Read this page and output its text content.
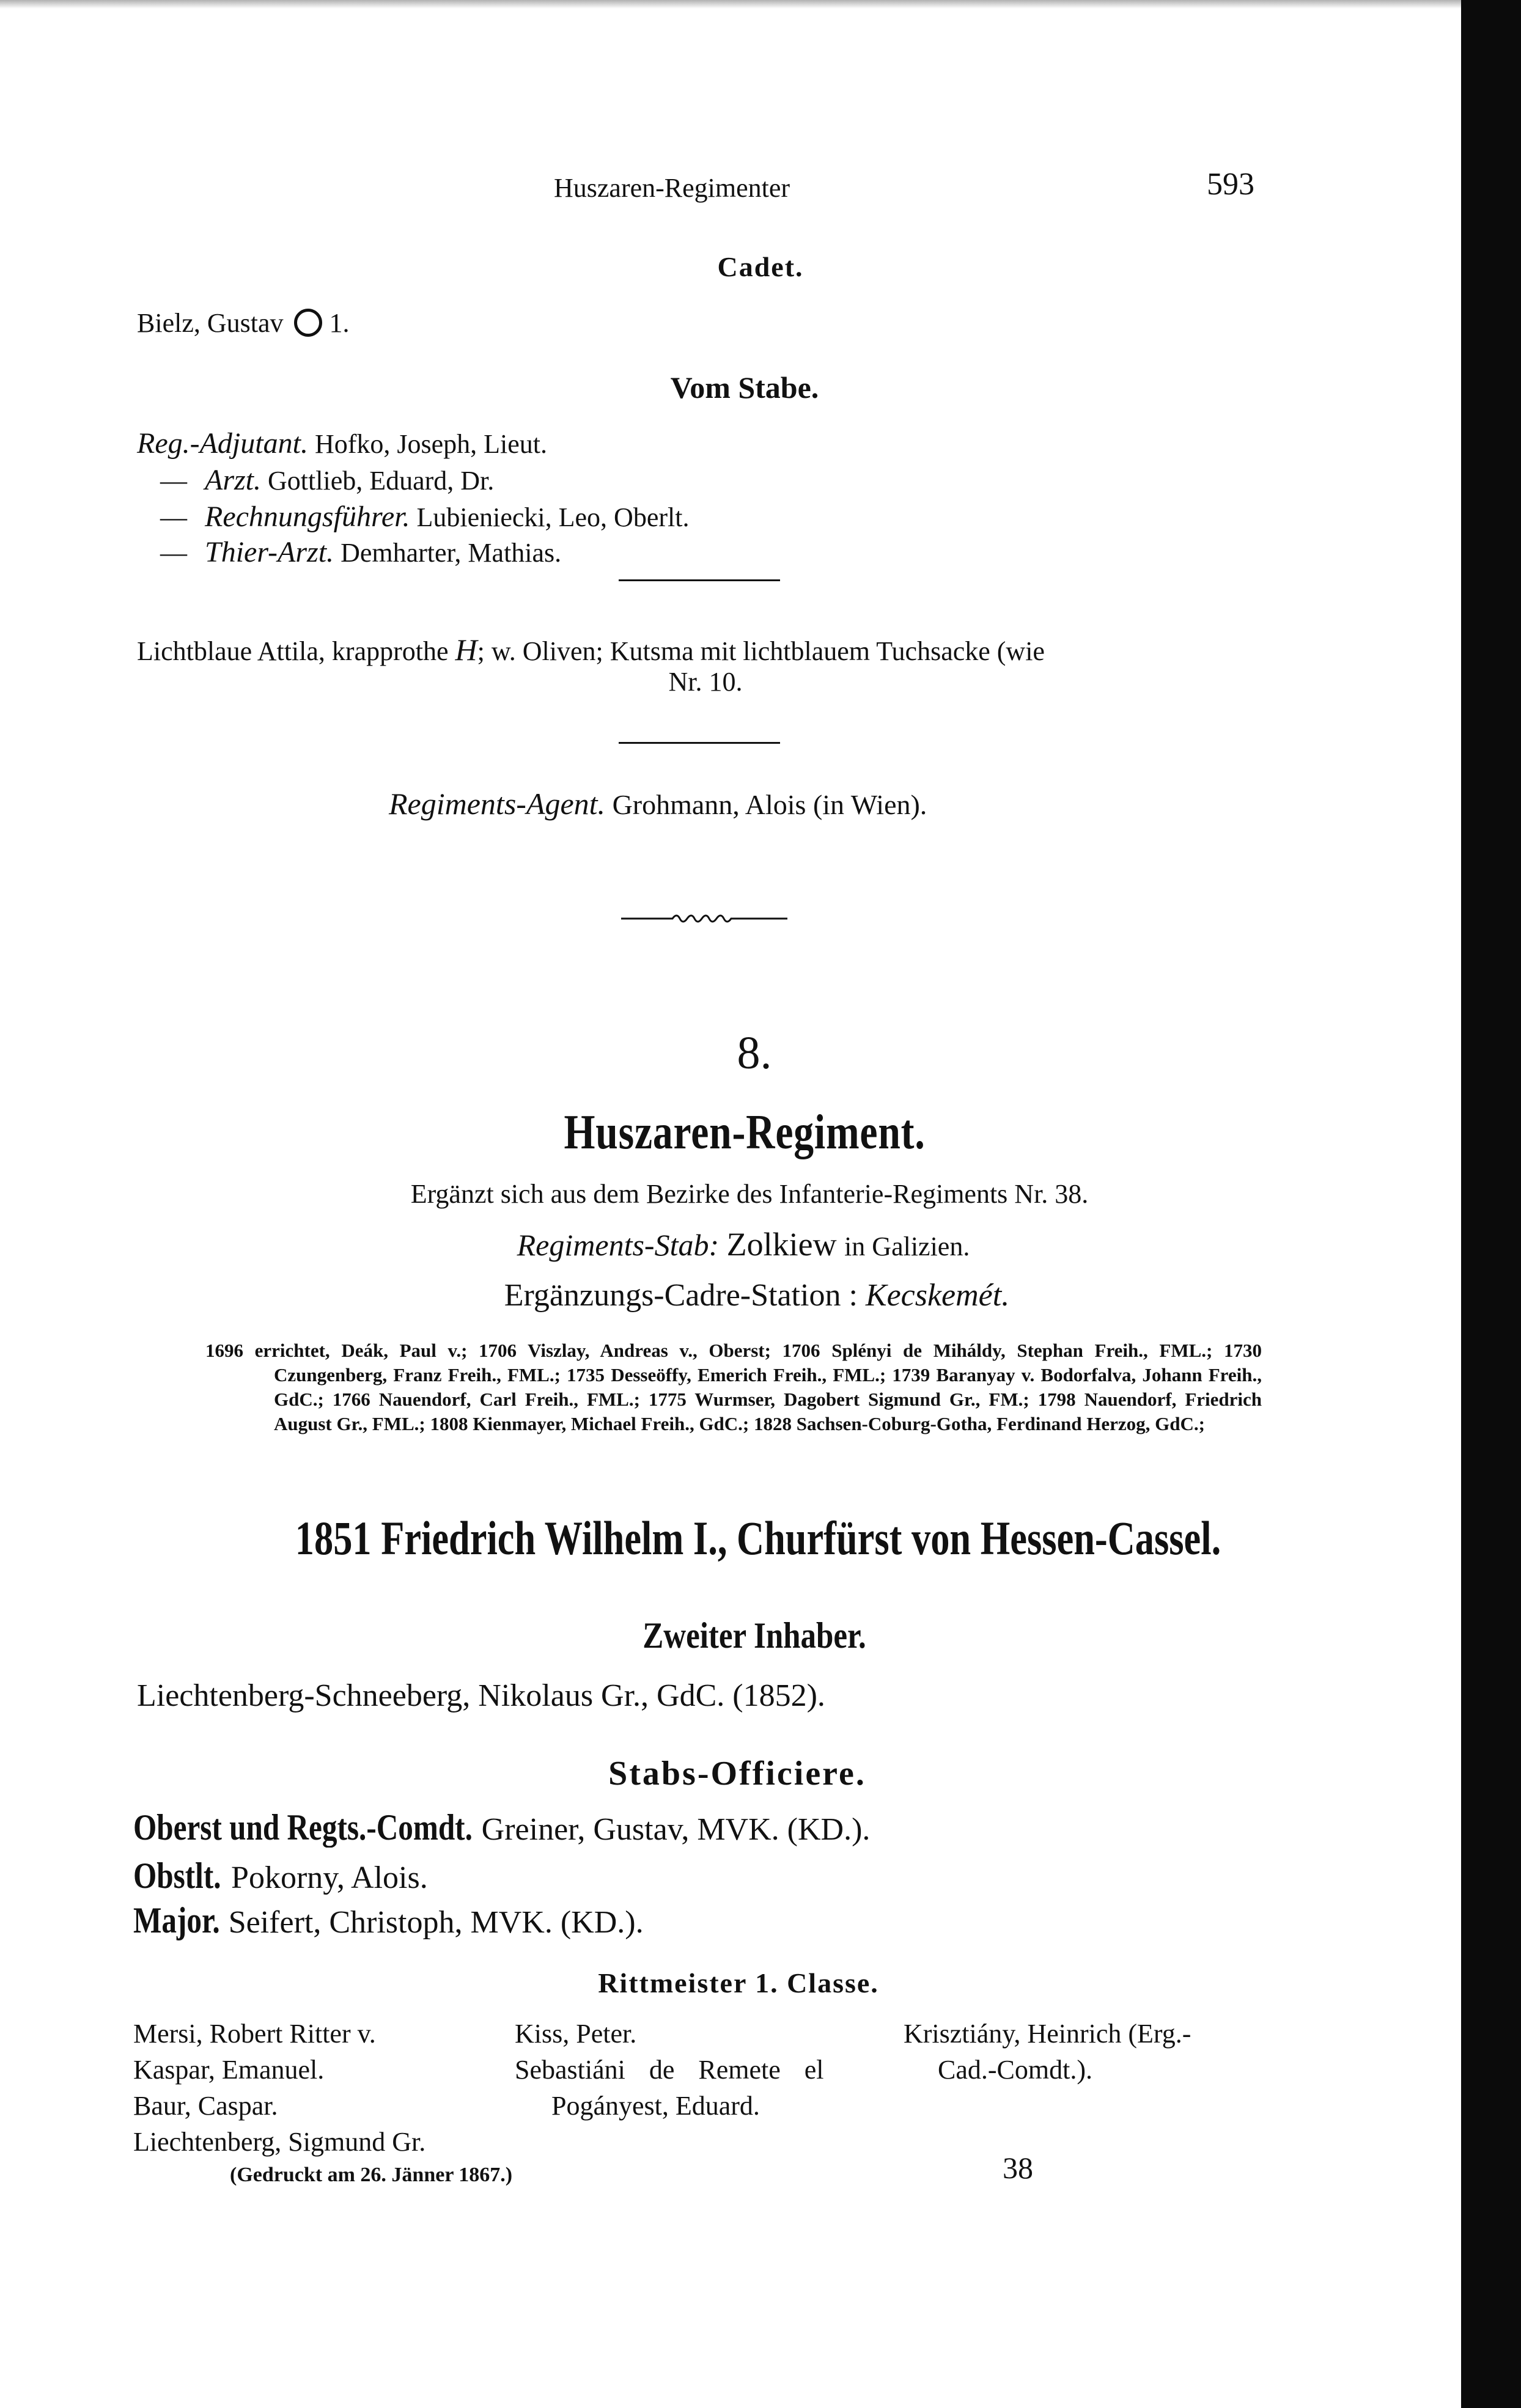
Huszaren-Regimenter	593
Cadet.
Bielz, Gustav 1.
Vom Stabe.
Reg.-Adjutant. Hofko, Joseph, Lieut.
— Arzt. Gottlieb, Eduard, Dr.
— Rechnungsführer. Lubieniecki, Leo, Oberlt.
— Thier-Arzt. Demharter, Mathias.
Lichtblaue Attila, krapprothe H; w. Oliven; Kutsma mit lichtblauem Tuchsacke (wie
Nr. 10.
Regiments-Agent. Grohmann, Alois (in Wien).
8.
Huszaren-Regiment.
Ergänzt sich aus dem Bezirke des Infanterie-Regiments Nr. 38.
Regiments-Stab: Zolkiew in Galizien.
Ergänzungs-Cadre-Station : Kecskemét.

1696 errichtet, Deák, Paul v.; 1706 Viszlay, Andreas v., Oberst; 1706 Splényi de Miháldy, Stephan Freih., FML.; 1730 Czungenberg, Franz Freih., FML.; 1735 Desseöffy, Emerich Freih., FML.; 1739 Baranyay v. Bodorfalva, Johann Freih., GdC.; 1766 Nauendorf, Carl Freih., FML.; 1775 Wurmser, Dagobert Sigmund Gr., FM.; 1798 Nauendorf, Friedrich August Gr., FML.; 1808 Kienmayer, Michael Freih., GdC.; 1828 Sachsen-Coburg-Gotha, Ferdinand Herzog, GdC.;

1851 Friedrich Wilhelm I., Churfürst von Hessen-Cassel.
Zweiter Inhaber.
Liechtenberg-Schneeberg, Nikolaus Gr., GdC. (1852).
Stabs-Officiere.
Oberst und Regts.-Comdt. Greiner, Gustav, MVK. (KD.).
Obstlt. Pokorny, Alois.
Major. Seifert, Christoph, MVK. (KD.).
Rittmeister 1. Classe.
Mersi, Robert Ritter v.
Kaspar, Emanuel.
Baur, Caspar.
Liechtenberg, Sigmund Gr.
Kiss, Peter.
Sebastiáni de Remete el
Pogányest, Eduard.
Krisztiány, Heinrich (Erg.-
Cad.-Comdt.).
(Gedruckt am 26. Jänner 1867.)	38
